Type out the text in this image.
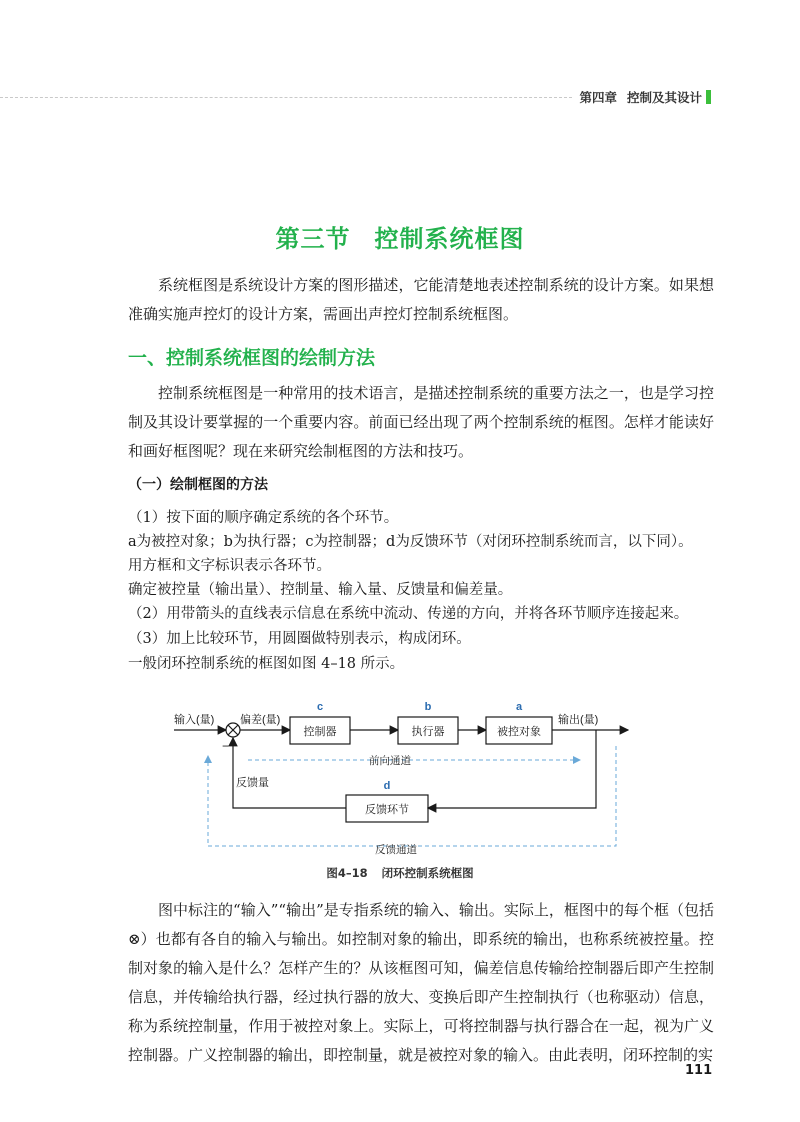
第四章 控制及其设计
第三节 控制系统框图
系统框图是系统设计方案的图形描述，它能清楚地表述控制系统的设计方案。如果想准确实施声控灯的设计方案，需画出声控灯控制系统框图。
一、控制系统框图的绘制方法
控制系统框图是一种常用的技术语言，是描述控制系统的重要方法之一，也是学习控制及其设计要掌握的一个重要内容。前面已经出现了两个控制系统的框图。怎样才能读好和画好框图呢？现在来研究绘制框图的方法和技巧。
（一）绘制框图的方法
（1）按下面的顺序确定系统的各个环节。
a为被控对象；b为执行器；c为控制器；d为反馈环节（对闭环控制系统而言，以下同）。
用方框和文字标识表示各环节。
确定被控量（输出量）、控制量、输入量、反馈量和偏差量。
（2）用带箭头的直线表示信息在系统中流动、传递的方向，并将各环节顺序连接起来。
（3）加上比较环节，用圆圈做特别表示，构成闭环。
一般闭环控制系统的框图如图 4–18 所示。
输入(量) 偏差(量)	输出(量)
−
反馈量
控制器	执行器	被控对象
反馈环节
前向通道
反馈通道
c	b	a
d
图4–18 闭环控制系统框图
图中标注的“输入”“输出”是专指系统的输入、输出。实际上，框图中的每个框（包括⊗）也都有各自的输入与输出。如控制对象的输出，即系统的输出，也称系统被控量。控制对象的输入是什么？怎样产生的？从该框图可知，偏差信息传输给控制器后即产生控制信息，并传输给执行器，经过执行器的放大、变换后即产生控制执行（也称驱动）信息，称为系统控制量，作用于被控对象上。实际上，可将控制器与执行器合在一起，视为广义控制器。广义控制器的输出，即控制量，就是被控对象的输入。由此表明，闭环控制的实
111
